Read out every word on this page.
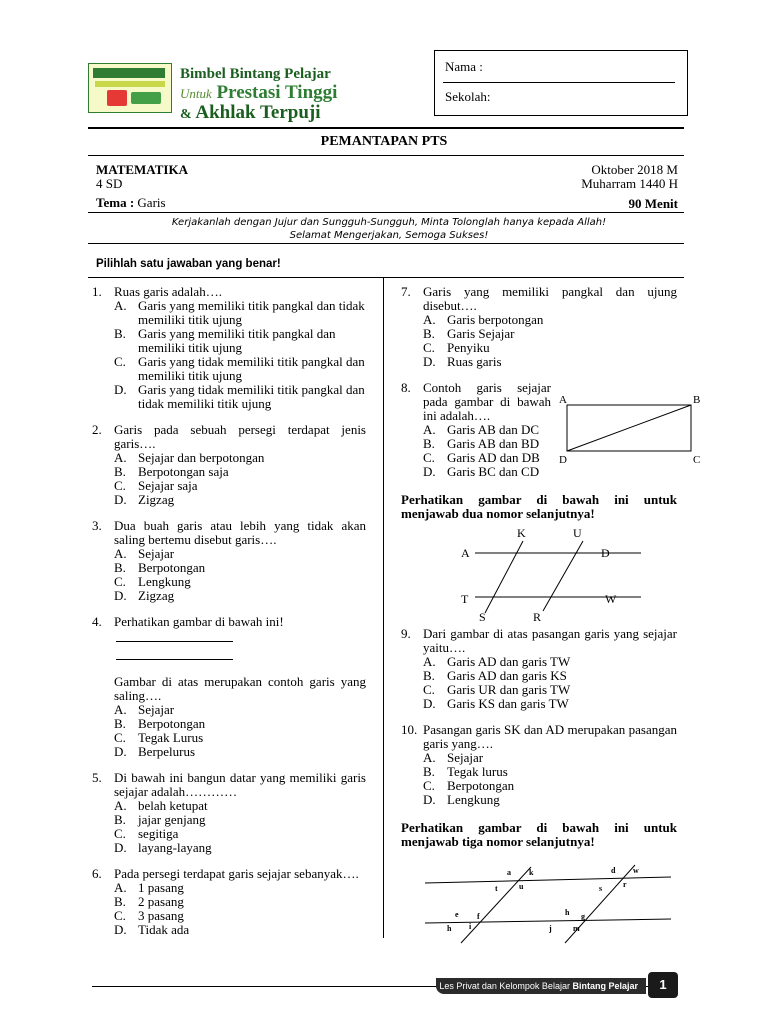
Bimbel Bintang Pelajar
Untuk Prestasi Tinggi
& Akhlak Terpuji
Nama :
Sekolah:
PEMANTAPAN PTS
MATEMATIKA
4 SD
Oktober 2018 M
Muharram 1440 H
Tema : Garis	90 Menit
Kerjakanlah dengan Jujur dan Sungguh-Sungguh, Minta Tolonglah hanya kepada Allah!
Selamat Mengerjakan, Semoga Sukses!
Pilihlah satu jawaban yang benar!
1. Ruas garis adalah….
A. Garis yang memiliki titik pangkal dan tidak memiliki titik ujung
B. Garis yang memiliki titik pangkal dan memiliki titik ujung
C. Garis yang tidak memiliki titik pangkal dan memiliki titik ujung
D. Garis yang tidak memiliki titik pangkal dan tidak memiliki titik ujung
2. Garis pada sebuah persegi terdapat jenis garis….
A. Sejajar dan berpotongan
B. Berpotongan saja
C. Sejajar saja
D. Zigzag
3. Dua buah garis atau lebih yang tidak akan saling bertemu disebut garis….
A. Sejajar
B. Berpotongan
C. Lengkung
D. Zigzag
4. Perhatikan gambar di bawah ini!
Gambar di atas merupakan contoh garis yang saling….
A. Sejajar
B. Berpotongan
C. Tegak Lurus
D. Berpelurus
5. Di bawah ini bangun datar yang memiliki garis sejajar adalah…………
A. belah ketupat
B. jajar genjang
C. segitiga
D. layang-layang
6. Pada persegi terdapat garis sejajar sebanyak….
A. 1 pasang
B. 2 pasang
C. 3 pasang
D. Tidak ada
7. Garis yang memiliki pangkal dan ujung disebut….
A. Garis berpotongan
B. Garis Sejajar
C. Penyiku
D. Ruas garis
8. Contoh garis sejajar pada gambar di bawah ini adalah….
A. Garis AB dan DC
B. Garis AB dan BD
C. Garis AD dan DB
D. Garis BC dan CD
A	B
C
D
Perhatikan gambar di bawah ini untuk menjawab dua nomor selanjutnya!
K	U
A	D
T	W
S	R
9. Dari gambar di atas pasangan garis yang sejajar yaitu….
A. Garis AD dan garis TW
B. Garis AD dan garis KS
C. Garis UR dan garis TW
D. Garis KS dan garis TW
10. Pasangan garis SK dan AD merupakan pasangan garis yang….
A. Sejajar
B. Tegak lurus
C. Berpotongan
D. Lengkung
Perhatikan gambar di bawah ini untuk menjawab tiga nomor selanjutnya!
a k
t	u
d w
s	r
e f
h i
h g
j	m
Les Privat dan Kelompok Belajar Bintang Pelajar	1
